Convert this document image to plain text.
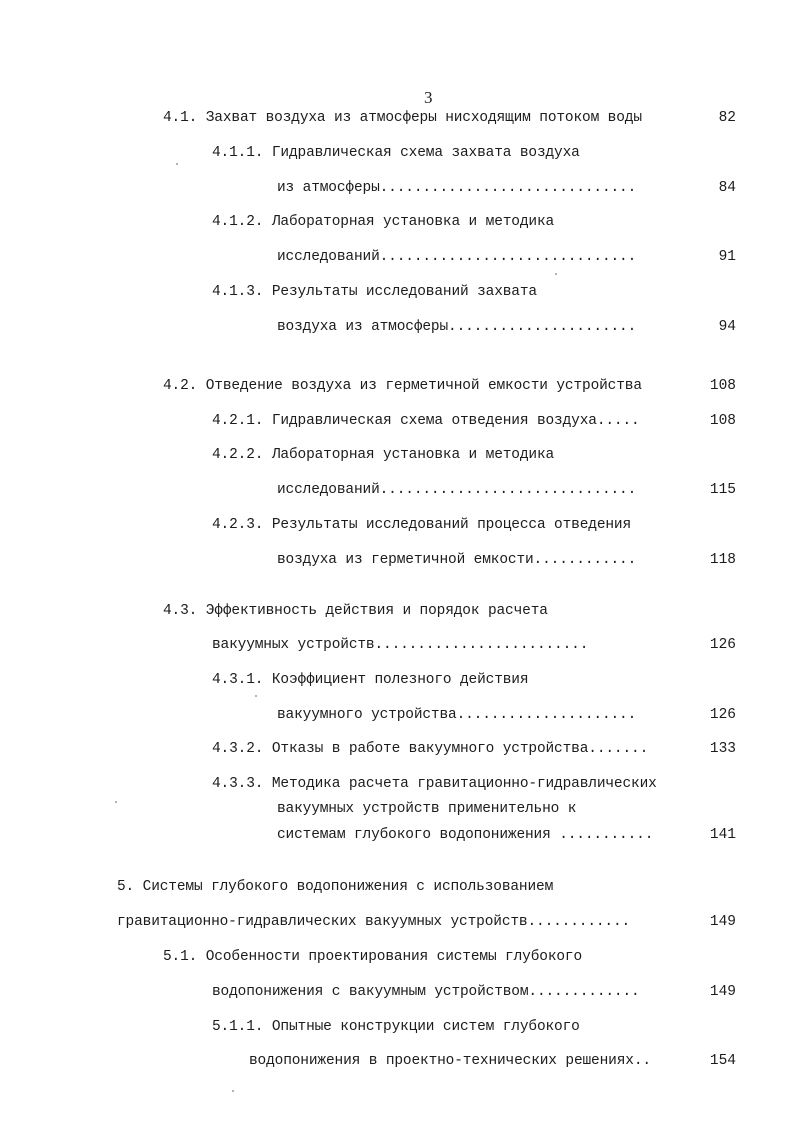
3
4.1. Захват воздуха из атмосферы нисходящим потоком воды	82
4.1.1. Гидравлическая схема захвата воздуха
из атмосферы..............................	84
4.1.2. Лабораторная установка и методика
исследований..............................	91
4.1.3. Результаты исследований захвата
воздуха из атмосферы......................	94
4.2. Отведение воздуха из герметичной емкости устройства	108
4.2.1. Гидравлическая схема отведения воздуха.....	108
4.2.2. Лабораторная установка и методика
исследований..............................	115
4.2.3. Результаты исследований процесса отведения
воздуха из герметичной емкости............	118
4.3. Эффективность действия и порядок расчета
вакуумных устройств.........................	126
4.3.1. Коэффициент полезного действия
вакуумного устройства.....................	126
4.3.2. Отказы в работе вакуумного устройства.......	133
4.3.3. Методика расчета гравитационно-гидравлических
вакуумных устройств применительно к
системам глубокого водопонижения ...........	141
5. Системы глубокого водопонижения с использованием
гравитационно-гидравлических вакуумных устройств............	149
5.1. Особенности проектирования системы глубокого
водопонижения с вакуумным устройством.............	149
5.1.1. Опытные конструкции систем глубокого
водопонижения в проектно-технических решениях..	154
